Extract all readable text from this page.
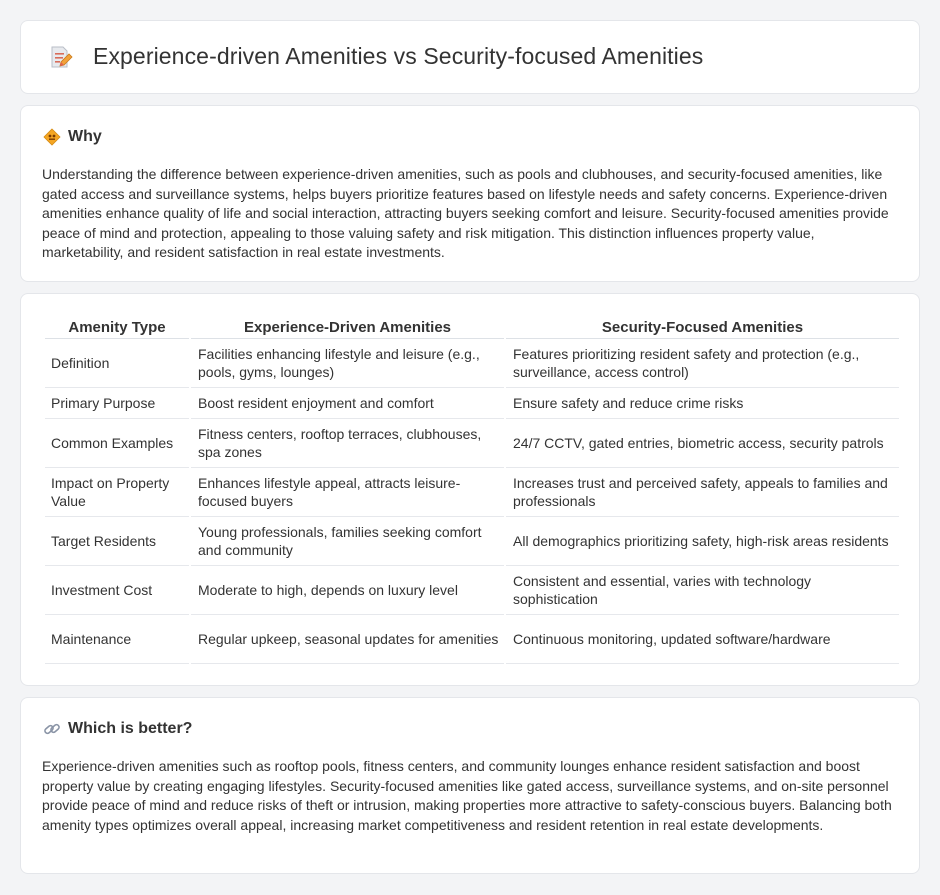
Experience-driven Amenities vs Security-focused Amenities
Why

Understanding the difference between experience-driven amenities, such as pools and clubhouses, and security-focused amenities, like gated access and surveillance systems, helps buyers prioritize features based on lifestyle needs and safety concerns. Experience-driven amenities enhance quality of life and social interaction, attracting buyers seeking comfort and leisure. Security-focused amenities provide peace of mind and protection, appealing to those valuing safety and risk mitigation. This distinction influences property value, marketability, and resident satisfaction in real estate investments.

Amenity Type	Experience-Driven Amenities	Security-Focused Amenities

Definition	Facilities enhancing lifestyle and leisure (e.g., pools, gyms, lounges)	Features prioritizing resident safety and protection (e.g., surveillance, access control)

Primary Purpose	Boost resident enjoyment and comfort	Ensure safety and reduce crime risks

Common Examples	Fitness centers, rooftop terraces, clubhouses, spa zones	24/7 CCTV, gated entries, biometric access, security patrols

Impact on Property Value	Enhances lifestyle appeal, attracts leisure-focused buyers	Increases trust and perceived safety, appeals to families and professionals

Target Residents	Young professionals, families seeking comfort and community	All demographics prioritizing safety, high-risk areas residents

Investment Cost	Moderate to high, depends on luxury level	Consistent and essential, varies with technology sophistication

Maintenance	Regular upkeep, seasonal updates for amenities	Continuous monitoring, updated software/hardware
Which is better?

Experience-driven amenities such as rooftop pools, fitness centers, and community lounges enhance resident satisfaction and boost property value by creating engaging lifestyles. Security-focused amenities like gated access, surveillance systems, and on-site personnel provide peace of mind and reduce risks of theft or intrusion, making properties more attractive to safety-conscious buyers. Balancing both amenity types optimizes overall appeal, increasing market competitiveness and resident retention in real estate developments.
